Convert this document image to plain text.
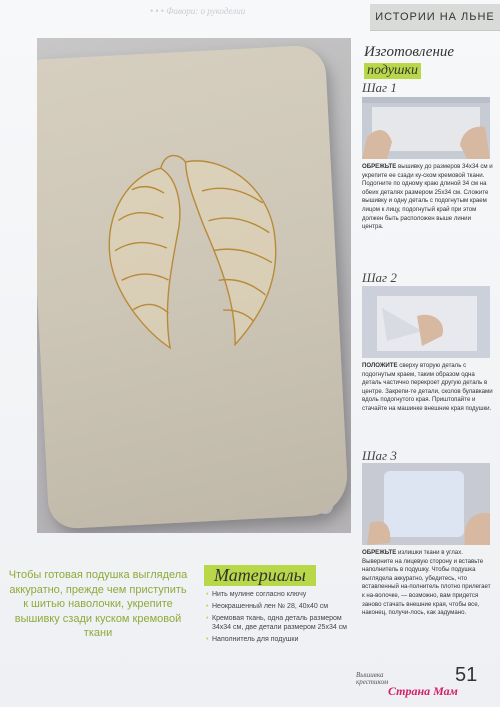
• • • Фавори: о рукоделии	ИСТОРИИ НА ЛЬНЕ
Изготовление
подушки
Шаг 1
ОБРЕЖЬТЕ вышивку до размеров 34х34 см и укрепите ее сзади ку-ском кремовой ткани. Подогните по одному краю длиной 34 см на обеих деталях размером 25х34 см. Сложите вышивку и одну деталь с подогнутым краем лицом к лицу, подогнутый край при этом должен быть расположен выше линии центра.
Шаг 2
ПОЛОЖИТЕ сверху вторую деталь с подогнутым краем, таким образом одна деталь частично перекроет другую деталь в центре. Закрепи-те детали, сколов булавками вдоль подогнутого края. Приштопайте и стачайте на машинке внешние края подушки.
Шаг 3
ОБРЕЖЬТЕ излишки ткани в углах. Выверните на лицевую сторону и вставьте наполнитель в подушку. Чтобы подушка выглядела аккуратно, убедитесь, что вставленный на-полнитель плотно прилегает к на-волочке, — возможно, вам придется заново стачать внешние края, чтобы все, наконец, получи-лось, как задумано.
Чтобы готовая подушка выглядела аккуратно, прежде чем приступить к шитью наволочки, укрепите вышивку сзади куском кремовой ткани
Материалы
• Нить мулине согласно ключу
• Неокрашенный лен № 28, 40х40 см
• Кремовая ткань, одна деталь размером 34х34 см, две детали размером 25х34 см
• Наполнитель для подушки
Вышивка
крестиком	51
Страна Мам
